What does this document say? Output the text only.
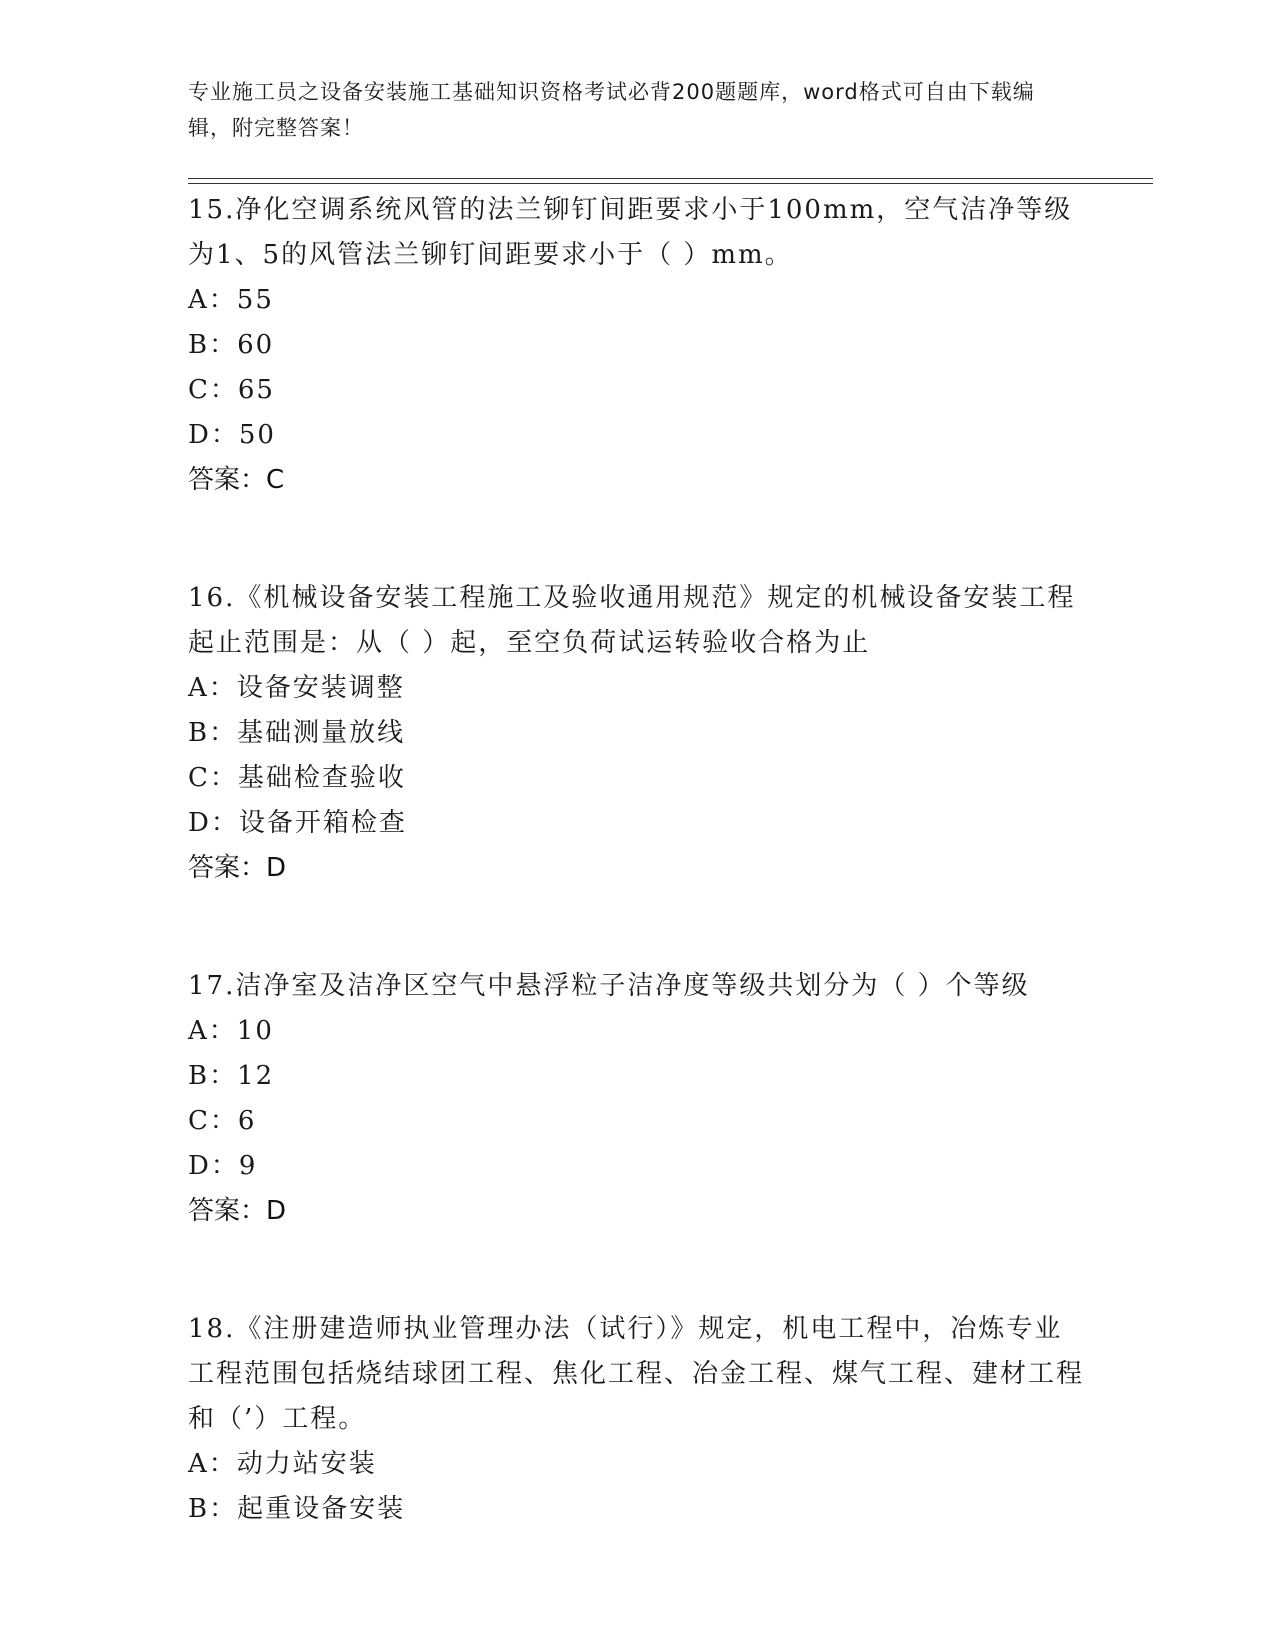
专业施工员之设备安装施工基础知识资格考试必背200题题库，word格式可自由下载编辑，附完整答案！
15.净化空调系统风管的法兰铆钉间距要求小于100mm，空气洁净等级为1、5的风管法兰铆钉间距要求小于（ ）mm。
A：55
B：60
C：65
D：50
答案：C
16.《机械设备安装工程施工及验收通用规范》规定的机械设备安装工程起止范围是：从（ ）起，至空负荷试运转验收合格为止
A：设备安装调整
B：基础测量放线
C：基础检查验收
D：设备开箱检查
答案：D
17.洁净室及洁净区空气中悬浮粒子洁净度等级共划分为（ ）个等级
A：10
B：12
C：6
D：9
答案：D
18.《注册建造师执业管理办法（试行）》规定，机电工程中，冶炼专业工程范围包括烧结球团工程、焦化工程、冶金工程、煤气工程、建材工程和（’）工程。
A：动力站安装
B：起重设备安装
